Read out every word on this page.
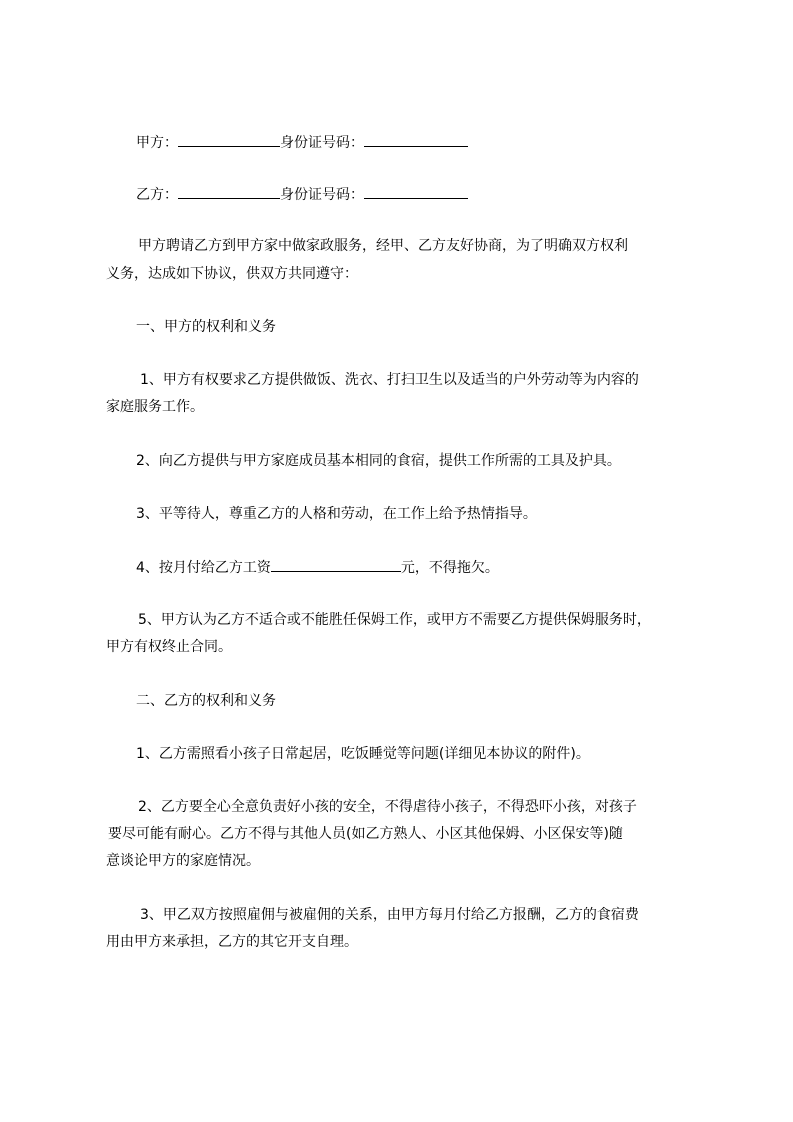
甲方：	身份证号码：
乙方：	身份证号码：
甲方聘请乙方到甲方家中做家政服务，经甲、乙方友好协商，为了明确双方权利
义务，达成如下协议，供双方共同遵守：
一、甲方的权利和义务
1、甲方有权要求乙方提供做饭、洗衣、打扫卫生以及适当的户外劳动等为内容的
家庭服务工作。
2、向乙方提供与甲方家庭成员基本相同的食宿，提供工作所需的工具及护具。
3、平等待人，尊重乙方的人格和劳动，在工作上给予热情指导。
4、按月付给乙方工资	元，不得拖欠。
5、甲方认为乙方不适合或不能胜任保姆工作，或甲方不需要乙方提供保姆服务时，
甲方有权终止合同。
二、乙方的权利和义务
1、乙方需照看小孩子日常起居，吃饭睡觉等问题(详细见本协议的附件)。
2、乙方要全心全意负责好小孩的安全，不得虐待小孩子，不得恐吓小孩，对孩子
要尽可能有耐心。乙方不得与其他人员(如乙方熟人、小区其他保姆、小区保安等)随
意谈论甲方的家庭情况。
3、甲乙双方按照雇佣与被雇佣的关系，由甲方每月付给乙方报酬，乙方的食宿费
用由甲方来承担，乙方的其它开支自理。
